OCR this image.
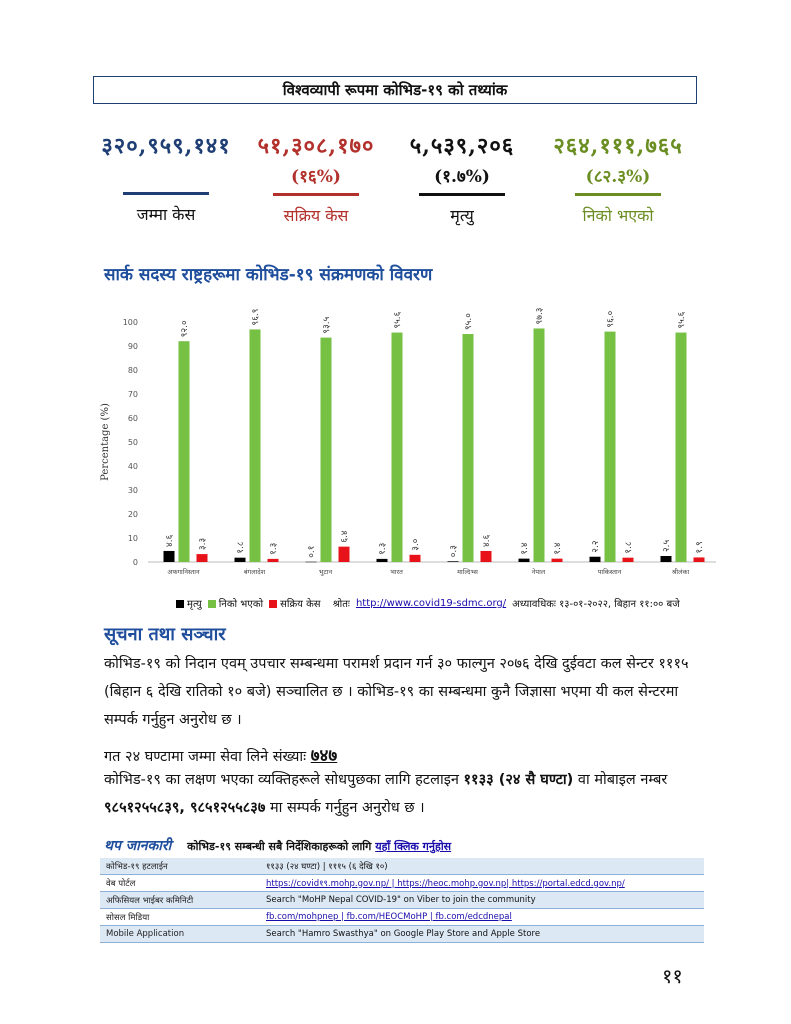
विश्वव्यापी रूपमा कोभिड-१९ को तथ्यांक
३२०,९५९,१४१
जम्मा केस
५१,३०८,१७०
(१६%)
सक्रिय केस
५,५३९,२०६
(१.७%)
मृत्यु
२६४,१११,७६५
(८२.३%)
निको भएको
सार्क सदस्य राष्ट्रहरूमा कोभिड-१९ संक्रमणको विवरण
0
10
20
30
40
50
60
70
80
90
100
Percentage (%)
४.६
९२.०
३.३
अफगानिस्तान
१.८
९६.९
१.३
बंगलादेश
०.१
९३.५
६.४
भुटान
१.३
९५.६
३.०
भारत
०.३
९५.०
४.६
माल्दिभ्स
१.४
९७.३
१.४
नेपाल
२.२
९६.०
१.८
पाकिस्तान
२.५
९५.६
१.९
श्रीलंका
मृत्यु	निको भएको	सक्रिय केस श्रोतः http://www.covid19-sdmc.org/ अध्यावधिकः १३-०१-२०२२, बिहान ११:०० बजे
सूचना तथा सञ्चार
कोभिड-१९ को निदान एवम् उपचार सम्बन्धमा परामर्श प्रदान गर्न ३० फाल्गुन २०७६ देखि दुईवटा कल सेन्टर १११५ (बिहान ६ देखि रातिको १० बजे) सञ्चालित छ । कोभिड-१९ का सम्बन्धमा कुनै जिज्ञासा भएमा यी कल सेन्टरमा सम्पर्क गर्नुहुन अनुरोध छ ।
गत २४ घण्टामा जम्मा सेवा लिने संख्याः ७४७
कोभिड-१९ का लक्षण भएका व्यक्तिहरूले सोधपुछका लागि हटलाइन ११३३ (२४ सै घण्टा) वा मोबाइल नम्बर ९८५१२५५८३९, ९८५१२५५८३७ मा सम्पर्क गर्नुहुन अनुरोध छ ।
थप जानकारी कोभिड-१९ सम्बन्धी सबै निर्देशिकाहरूको लागि यहाँ क्लिक गर्नुहोस
कोभिड-१९ हटलाईन	११३३ (२४ घण्टा) | १११५ (६ देखि १०)
वेब पोर्टल	https://covid१९.mohp.gov.np/ | https://heoc.mohp.gov.np| https://portal.edcd.gov.np/
अफिसियल भाईबर कमिनिटी	Search "MoHP Nepal COVID-19" on Viber to join the community
सोसल मिडिया	fb.com/mohpnep | fb.com/HEOCMoHP | fb.com/edcdnepal
Mobile Application	Search "Hamro Swasthya" on Google Play Store and Apple Store
११
